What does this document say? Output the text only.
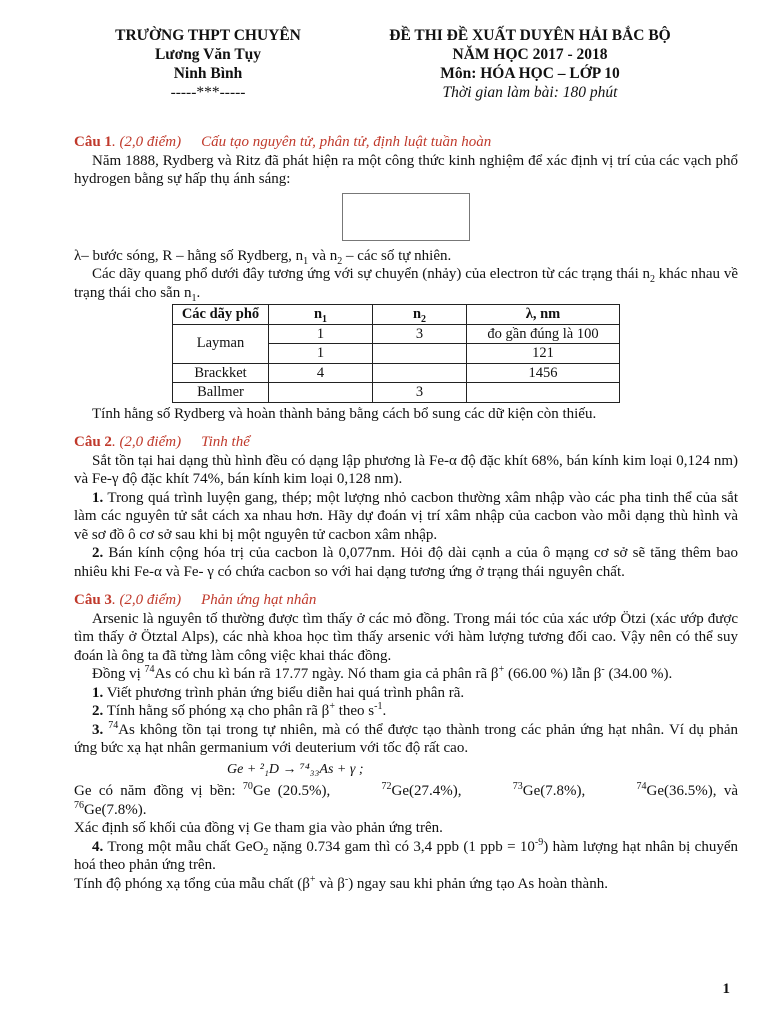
TRƯỜNG THPT CHUYÊN
Lương Văn Tụy
Ninh Bình
-----***-----
ĐỀ THI ĐỀ XUẤT DUYÊN HẢI BẮC BỘ
NĂM HỌC 2017 - 2018
Môn: HÓA HỌC – LỚP 10
Thời gian làm bài: 180 phút

Câu 1. (2,0 điểm) Cấu tạo nguyên tử, phân tử, định luật tuần hoàn

Năm 1888, Rydberg và Ritz đã phát hiện ra một công thức kinh nghiệm để xác định vị trí của các vạch phổ hydrogen bằng sự hấp thụ ánh sáng:

λ– bước sóng, R – hằng số Rydberg, $n_1$ và $n_2$ – các số tự nhiên.

Các dãy quang phổ dưới đây tương ứng với sự chuyển (nhảy) của electron từ các trạng thái $n_2$ khác nhau về trạng thái cho sẵn $n_1$.

Các dãy phổ	$n_1$	$n_2$	λ, nm
Layman	1	3	đo gần đúng là 100
	1		121
Brackket	4		1456
Ballmer		3	

Tính hằng số Rydberg và hoàn thành bảng bằng cách bổ sung các dữ kiện còn thiếu.

Câu 2. (2,0 điểm) Tinh thể

Sắt tồn tại hai dạng thù hình đều có dạng lập phương là Fe-α độ đặc khít 68%, bán kính kim loại 0,124 nm) và Fe-γ độ đặc khít 74%, bán kính kim loại 0,128 nm).

1. Trong quá trình luyện gang, thép; một lượng nhỏ cacbon thường xâm nhập vào các pha tinh thể của sắt làm các nguyên tử sắt cách xa nhau hơn. Hãy dự đoán vị trí xâm nhập của cacbon vào mỗi dạng thù hình và vẽ sơ đồ ô cơ sở sau khi bị một nguyên tử cacbon xâm nhập.

2. Bán kính cộng hóa trị của cacbon là 0,077nm. Hỏi độ dài cạnh a của ô mạng cơ sở sẽ tăng thêm bao nhiêu khi Fe-α và Fe- γ có chứa cacbon so với hai dạng tương ứng ở trạng thái nguyên chất.

Câu 3. (2,0 điểm) Phản ứng hạt nhân

Arsenic là nguyên tố thường được tìm thấy ở các mỏ đồng. Trong mái tóc của xác ướp Ötzi (xác ướp được tìm thấy ở Ötztal Alps), các nhà khoa học tìm thấy arsenic với hàm lượng tương đối cao. Vậy nên có thể suy đoán là ông ta đã từng làm công việc khai thác đồng.

Đồng vị $^{74}$As có chu kì bán rã 17.77 ngày. Nó tham gia cả phân rã β+ (66.00 %) lẫn β- (34.00 %).

1. Viết phương trình phản ứng biểu diễn hai quá trình phân rã.

2. Tính hằng số phóng xạ cho phân rã β+ theo $s^{-1}$.

3. $^{74}$As không tồn tại trong tự nhiên, mà có thể được tạo thành trong các phản ứng hạt nhân. Ví dụ phản ứng bức xạ hạt nhân germanium với deuterium với tốc độ rất cao.

Ge + ²₁D → ⁷⁴₃₃As + γ ;

Ge có năm đồng vị bền: $^{70}$Ge (20.5%),	$^{72}$Ge(27.4%),	$^{73}$Ge(7.8%),	$^{74}$Ge(36.5%), và $^{76}$Ge(7.8%).

Xác định số khối của đồng vị Ge tham gia vào phản ứng trên.

4. Trong một mẫu chất GeO$_2$ nặng 0.734 gam thì có 3,4 ppb (1 ppb = $10^{-9}$) hàm lượng hạt nhân bị chuyển hoá theo phản ứng trên.

Tính độ phóng xạ tổng của mẫu chất (β+ và β-) ngay sau khi phản ứng tạo As hoàn thành.

1
